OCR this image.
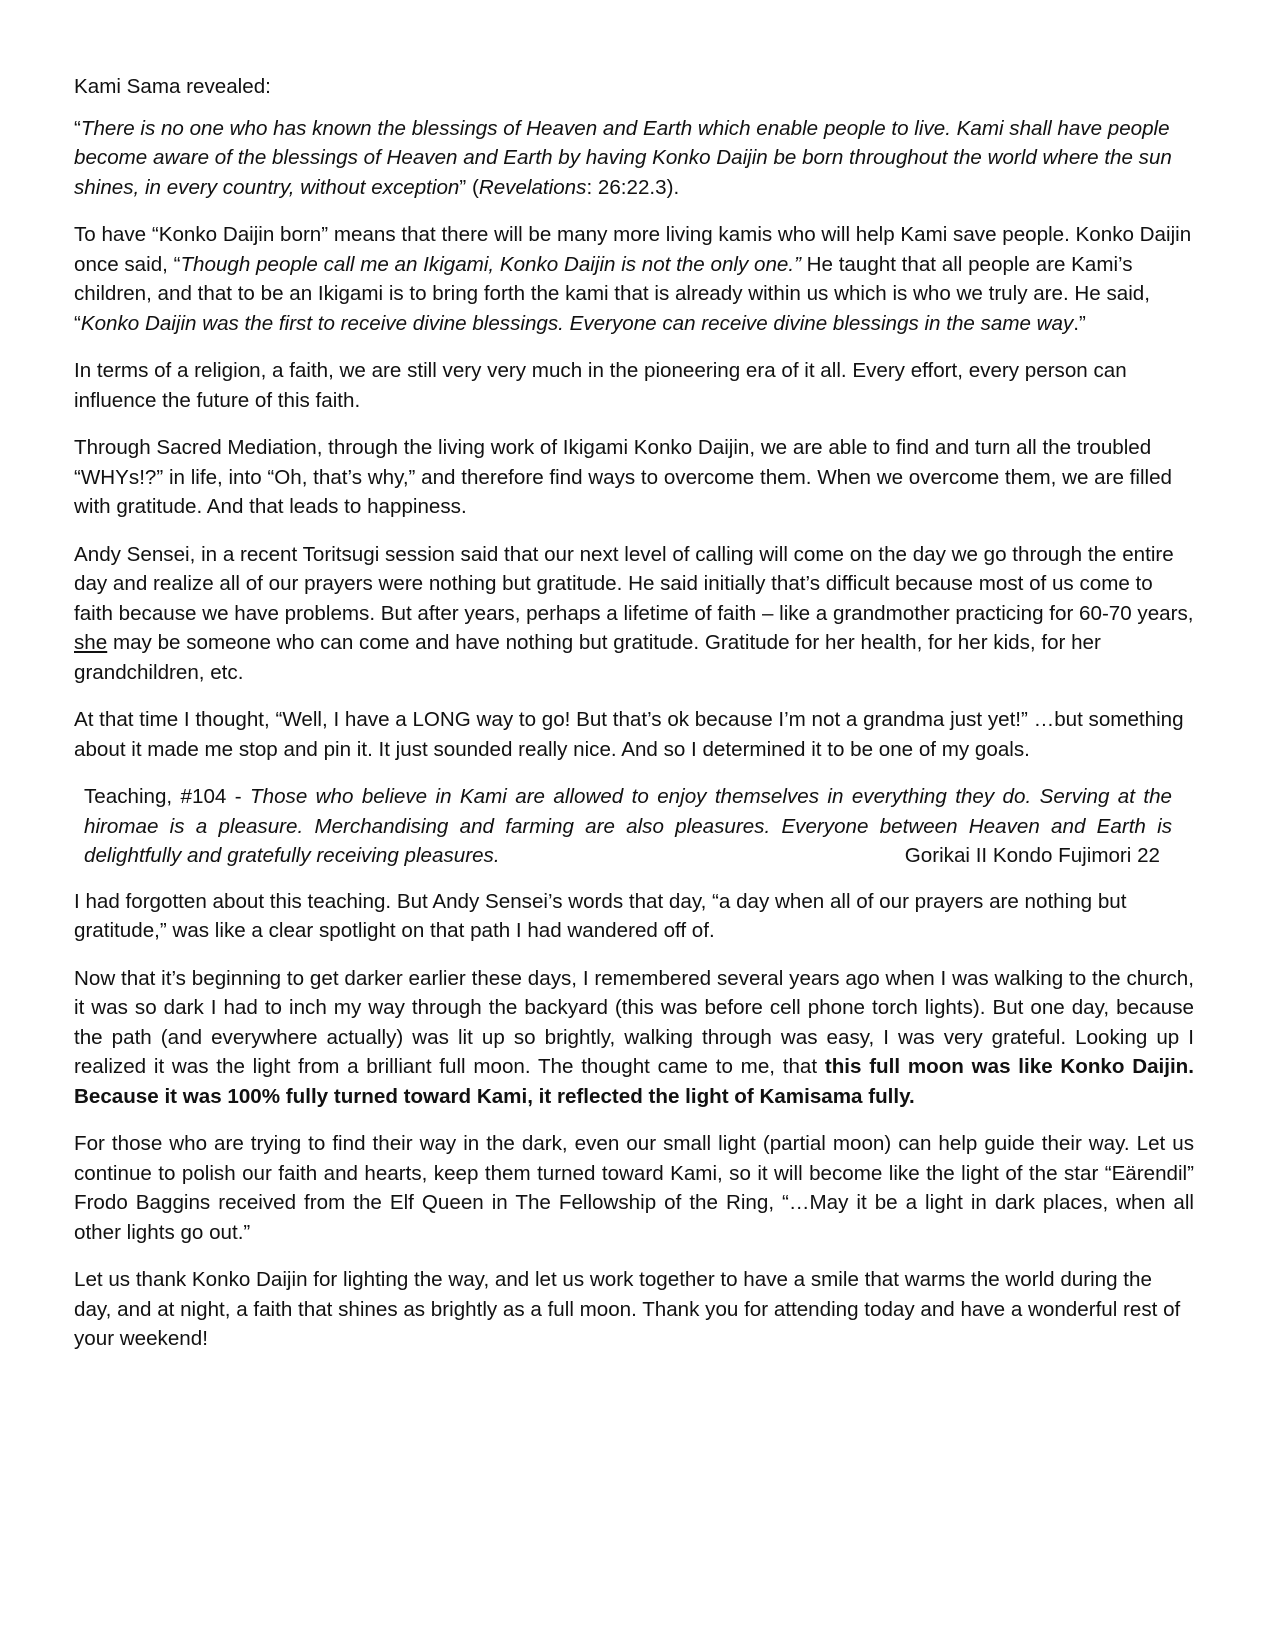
Kami Sama revealed:

“There is no one who has known the blessings of Heaven and Earth which enable people to live. Kami shall have people become aware of the blessings of Heaven and Earth by having Konko Daijin be born throughout the world where the sun shines, in every country, without exception” (Revelations: 26:22.3).

To have “Konko Daijin born” means that there will be many more living kamis who will help Kami save people. Konko Daijin once said, “Though people call me an Ikigami, Konko Daijin is not the only one.” He taught that all people are Kami’s children, and that to be an Ikigami is to bring forth the kami that is already within us which is who we truly are. He said, “Konko Daijin was the first to receive divine blessings. Everyone can receive divine blessings in the same way.”

In terms of a religion, a faith, we are still very very much in the pioneering era of it all. Every effort, every person can influence the future of this faith.

Through Sacred Mediation, through the living work of Ikigami Konko Daijin, we are able to find and turn all the troubled “WHYs!?” in life, into “Oh, that’s why,” and therefore find ways to overcome them. When we overcome them, we are filled with gratitude. And that leads to happiness.

Andy Sensei, in a recent Toritsugi session said that our next level of calling will come on the day we go through the entire day and realize all of our prayers were nothing but gratitude. He said initially that’s difficult because most of us come to faith because we have problems. But after years, perhaps a lifetime of faith – like a grandmother practicing for 60-70 years, she may be someone who can come and have nothing but gratitude. Gratitude for her health, for her kids, for her grandchildren, etc.

At that time I thought, “Well, I have a LONG way to go! But that’s ok because I’m not a grandma just yet!” …but something about it made me stop and pin it. It just sounded really nice. And so I determined it to be one of my goals.

Teaching, #104 - Those who believe in Kami are allowed to enjoy themselves in everything they do. Serving at the hiromae is a pleasure. Merchandising and farming are also pleasures. Everyone between Heaven and Earth is delightfully and gratefully receiving pleasures.	Gorikai II Kondo Fujimori 22

I had forgotten about this teaching. But Andy Sensei’s words that day, “a day when all of our prayers are nothing but gratitude,” was like a clear spotlight on that path I had wandered off of.

Now that it’s beginning to get darker earlier these days, I remembered several years ago when I was walking to the church, it was so dark I had to inch my way through the backyard (this was before cell phone torch lights). But one day, because the path (and everywhere actually) was lit up so brightly, walking through was easy, I was very grateful. Looking up I realized it was the light from a brilliant full moon. The thought came to me, that this full moon was like Konko Daijin. Because it was 100% fully turned toward Kami, it reflected the light of Kamisama fully.

For those who are trying to find their way in the dark, even our small light (partial moon) can help guide their way. Let us continue to polish our faith and hearts, keep them turned toward Kami, so it will become like the light of the star “Eärendil” Frodo Baggins received from the Elf Queen in The Fellowship of the Ring, “…May it be a light in dark places, when all other lights go out.”

Let us thank Konko Daijin for lighting the way, and let us work together to have a smile that warms the world during the day, and at night, a faith that shines as brightly as a full moon. Thank you for attending today and have a wonderful rest of your weekend!
